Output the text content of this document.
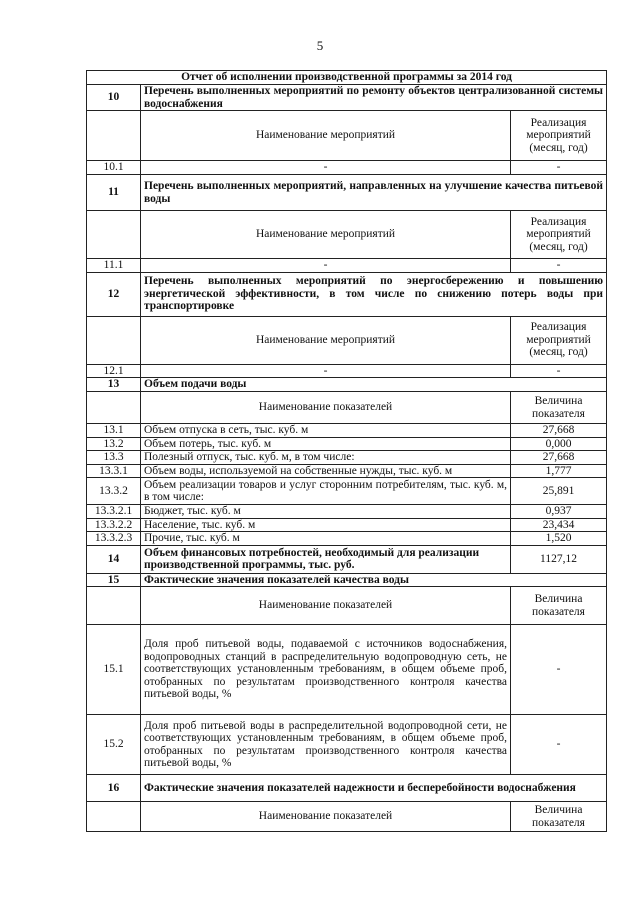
5
Отчет об исполнении производственной программы за 2014 год		
10	Перечень выполненных мероприятий по ремонту объектов централизованной системы водоснабжения	
	Наименование мероприятий	Реализация мероприятий (месяц, год)
10.1	-	-
11	Перечень выполненных мероприятий, направленных на улучшение качества питьевой воды	
	Наименование мероприятий	Реализация мероприятий (месяц, год)
11.1	-	-
12	Перечень выполненных мероприятий по энергосбережению и повышению энергетической эффективности, в том числе по снижению потерь воды при транспортировке	
	Наименование мероприятий	Реализация мероприятий (месяц, год)
12.1	-	-
13	Объем подачи воды	
	Наименование показателей	Величина показателя
13.1	Объем отпуска в сеть, тыс. куб. м	27,668
13.2	Объем потерь, тыс. куб. м	0,000
13.3	Полезный отпуск, тыс. куб. м, в том числе:	27,668
13.3.1	Объем воды, используемой на собственные нужды, тыс. куб. м	1,777
13.3.2	Объем реализации товаров и услуг сторонним потребителям, тыс. куб. м, в том числе:	25,891
13.3.2.1	Бюджет, тыс. куб. м	0,937
13.3.2.2	Население, тыс. куб. м	23,434
13.3.2.3	Прочие, тыс. куб. м	1,520
14	Объем финансовых потребностей, необходимый для реализации производственной программы, тыс. руб.	1127,12
15	Фактические значения показателей качества воды	
	Наименование показателей	Величина показателя
15.1	Доля проб питьевой воды, подаваемой с источников водоснабжения, водопроводных станций в распределительную водопроводную сеть, не соответствующих установленным требованиям, в общем объеме проб, отобранных по результатам производственного контроля качества питьевой воды, %	-
15.2	Доля проб питьевой воды в распределительной водопроводной сети, не соответствующих установленным требованиям, в общем объеме проб, отобранных по результатам производственного контроля качества питьевой воды, %	-
16	Фактические значения показателей надежности и бесперебойности водоснабжения	
	Наименование показателей	Величина показателя
